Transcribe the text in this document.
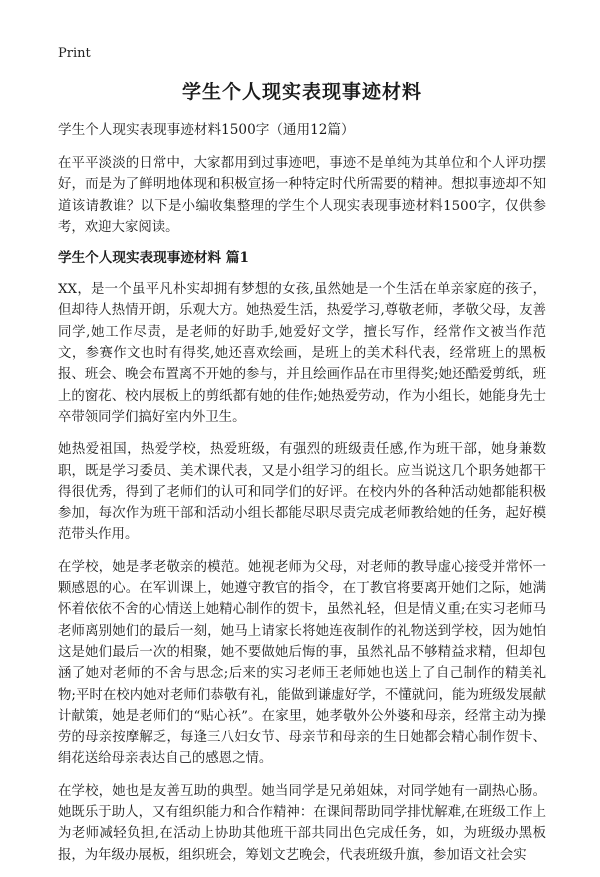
Print
学生个人现实表现事迹材料
学生个人现实表现事迹材料1500字（通用12篇）

在平平淡淡的日常中，大家都用到过事迹吧，事迹不是单纯为其单位和个人评功摆好，而是为了鲜明地体现和积极宣扬一种特定时代所需要的精神。想拟事迹却不知道该请教谁？以下是小编收集整理的学生个人现实表现事迹材料1500字，仅供参考，欢迎大家阅读。

学生个人现实表现事迹材料 篇1

XX，是一个虽平凡朴实却拥有梦想的女孩,虽然她是一个生活在单亲家庭的孩子，但却待人热情开朗，乐观大方。她热爱生活，热爱学习,尊敬老师，孝敬父母，友善同学,她工作尽责，是老师的好助手,她爱好文学，擅长写作，经常作文被当作范文，参赛作文也时有得奖,她还喜欢绘画，是班上的美术科代表，经常班上的黑板报、班会、晚会布置离不开她的参与，并且绘画作品在市里得奖;她还酷爱剪纸，班上的窗花、校内展板上的剪纸都有她的佳作;她热爱劳动，作为小组长，她能身先士卒带领同学们搞好室内外卫生。

她热爱祖国，热爱学校，热爱班级，有强烈的班级责任感,作为班干部，她身兼数职，既是学习委员、美术课代表，又是小组学习的组长。应当说这几个职务她都干得很优秀，得到了老师们的认可和同学们的好评。在校内外的各种活动她都能积极参加，每次作为班干部和活动小组长都能尽职尽责完成老师教给她的任务，起好模范带头作用。

在学校，她是孝老敬亲的模范。她视老师为父母，对老师的教导虚心接受并常怀一颗感恩的心。在军训课上，她遵守教官的指令，在丁教官将要离开她们之际，她满怀着依依不舍的心情送上她精心制作的贺卡，虽然礼轻，但是情义重;在实习老师马老师离别她们的最后一刻，她马上请家长将她连夜制作的礼物送到学校，因为她怕这是她们最后一次的相聚，她不要做她后悔的事，虽然礼品不够精益求精，但却包涵了她对老师的不舍与思念;后来的实习老师王老师她也送上了自己制作的精美礼物;平时在校内她对老师们恭敬有礼，能做到谦虚好学，不懂就问，能为班级发展献计献策，她是老师们的“贴心袄”。在家里，她孝敬外公外婆和母亲，经常主动为操劳的母亲按摩解乏，每逢三八妇女节、母亲节和母亲的生日她都会精心制作贺卡、绢花送给母亲表达自己的感恩之情。

在学校，她也是友善互助的典型。她当同学是兄弟姐妹，对同学她有一副热心肠。她既乐于助人，又有组织能力和合作精神：在课间帮助同学排忧解难,在班级工作上为老师减轻负担,在活动上协助其他班干部共同出色完成任务，如，为班级办黑板报，为年级办展板，组织班会，筹划文艺晚会，代表班级升旗，参加语文社会实
